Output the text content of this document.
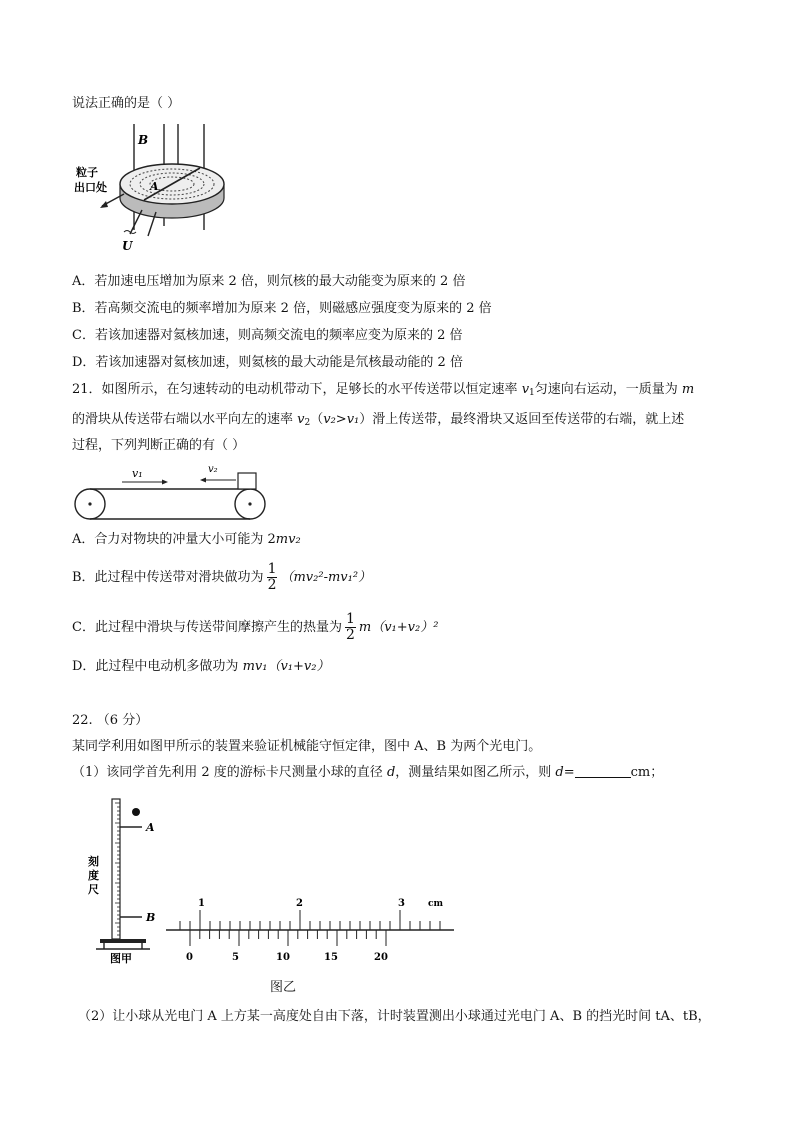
说法正确的是（ ）
B
A
粒子
出口处
U
A．若加速电压增加为原来 2 倍，则氘核的最大动能变为原来的 2 倍
B．若高频交流电的频率增加为原来 2 倍，则磁感应强度变为原来的 2 倍
C．若该加速器对氦核加速，则高频交流电的频率应变为原来的 2 倍
D．若该加速器对氦核加速，则氦核的最大动能是氘核最动能的 2 倍
21．如图所示，在匀速转动的电动机带动下，足够长的水平传送带以恒定速率 $v_1$匀速向右运动，一质量为 m
的滑块从传送带右端以水平向左的速率 $v_2(v_2>v_1)$滑上传送带，最终滑块又返回至传送带的右端，就上述
过程，下列判断正确的有（ ）
v₁	v₂
A．合力对物块的冲量大小可能为 2mv₂
B．此过程中传送带对滑块做功为 $\frac{1}{2} (mv_2^2-mv_1^2)$
C．此过程中滑块与传送带间摩擦产生的热量为 $\frac{1}{2} m(v_1+v_2)^2$
D．此过程中电动机多做功为 mv₁（v₁+v₂）
22. （6 分）
某同学利用如图甲所示的装置来验证机械能守恒定律，图中 A、B 为两个光电门。
（1）该同学首先利用 2 度的游标卡尺测量小球的直径 d，测量结果如图乙所示，则 d=	cm；
A
B
刻
度
尺
图甲
1	2	3	cm
0	5	10	15	20
图乙
（2）让小球从光电门 A 上方某一高度处自由下落，计时装置测出小球通过光电门 A、B 的挡光时间 tA、tB，
